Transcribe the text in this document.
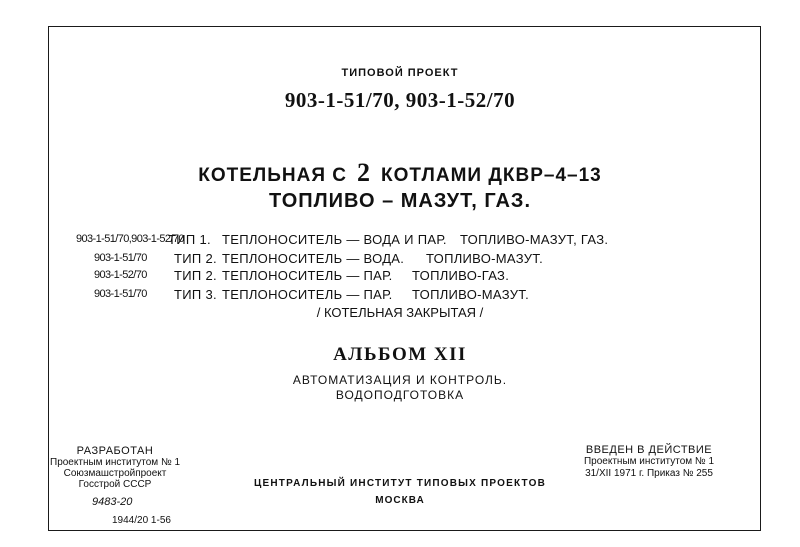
ТИПОВОЙ ПРОЕКТ
903-1-51/70, 903-1-52/70
КОТЕЛЬНАЯ С 2 КОТЛАМИ ДКВР–4–13
ТОПЛИВО – МАЗУТ, ГАЗ.
903-1-51/70,903-1-52/70
ТИП 1. ТЕПЛОНОСИТЕЛЬ — ВОДА И ПАР. ТОПЛИВО-МАЗУТ, ГАЗ.
903-1-51/70 ТИП 2. ТЕПЛОНОСИТЕЛЬ — ВОДА. ТОПЛИВО-МАЗУТ.
903-1-52/70 ТИП 2. ТЕПЛОНОСИТЕЛЬ — ПАР. ТОПЛИВО-ГАЗ.
903-1-51/70 ТИП 3. ТЕПЛОНОСИТЕЛЬ — ПАР. ТОПЛИВО-МАЗУТ.
/ КОТЕЛЬНАЯ ЗАКРЫТАЯ /
АЛЬБОМ XII
АВТОМАТИЗАЦИЯ И КОНТРОЛЬ.
ВОДОПОДГОТОВКА
РАЗРАБОТАН
Проектным институтом № 1
Союзмашстройпроект
Госстрой СССР
9483-20
1944/20 1-56
ЦЕНТРАЛЬНЫЙ ИНСТИТУТ ТИПОВЫХ ПРОЕКТОВ
МОСКВА
ВВЕДЕН В ДЕЙСТВИЕ
Проектным институтом № 1
31/XII 1971 г. Приказ № 255
